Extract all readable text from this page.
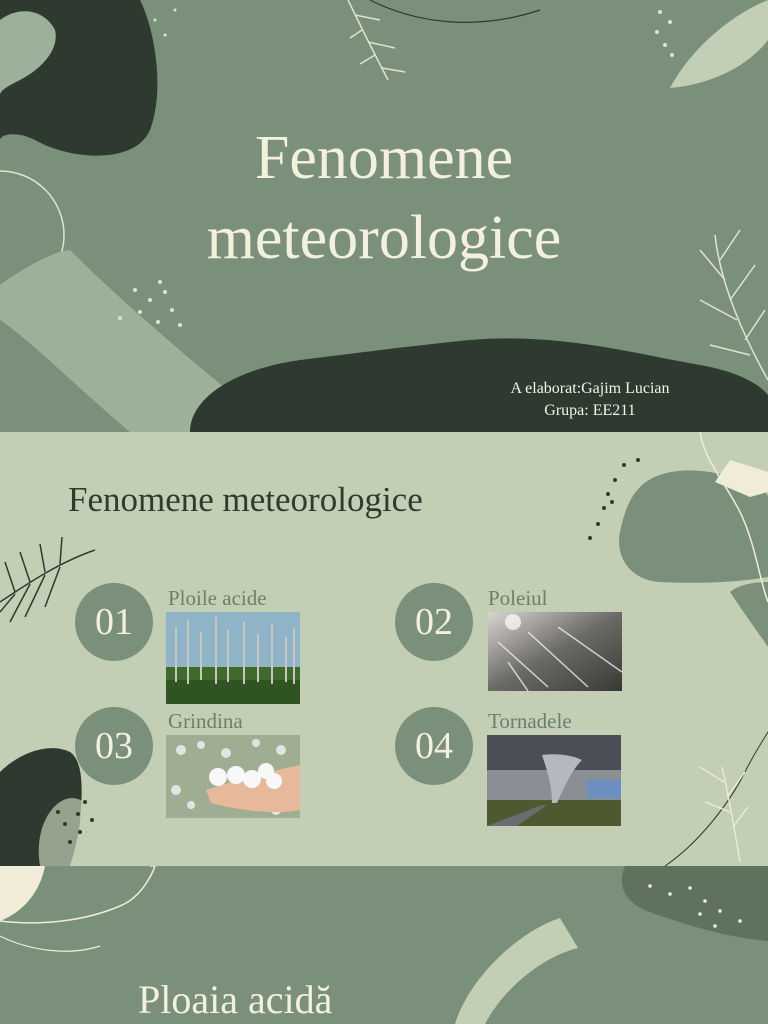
Fenomene
meteorologice
A elaborat:Gajim Lucian
Grupa: EE211
Fenomene meteorologice
01
Ploile acide
02
Poleiul
03
Grindina
04
Tornadele
Ploaia acidă
